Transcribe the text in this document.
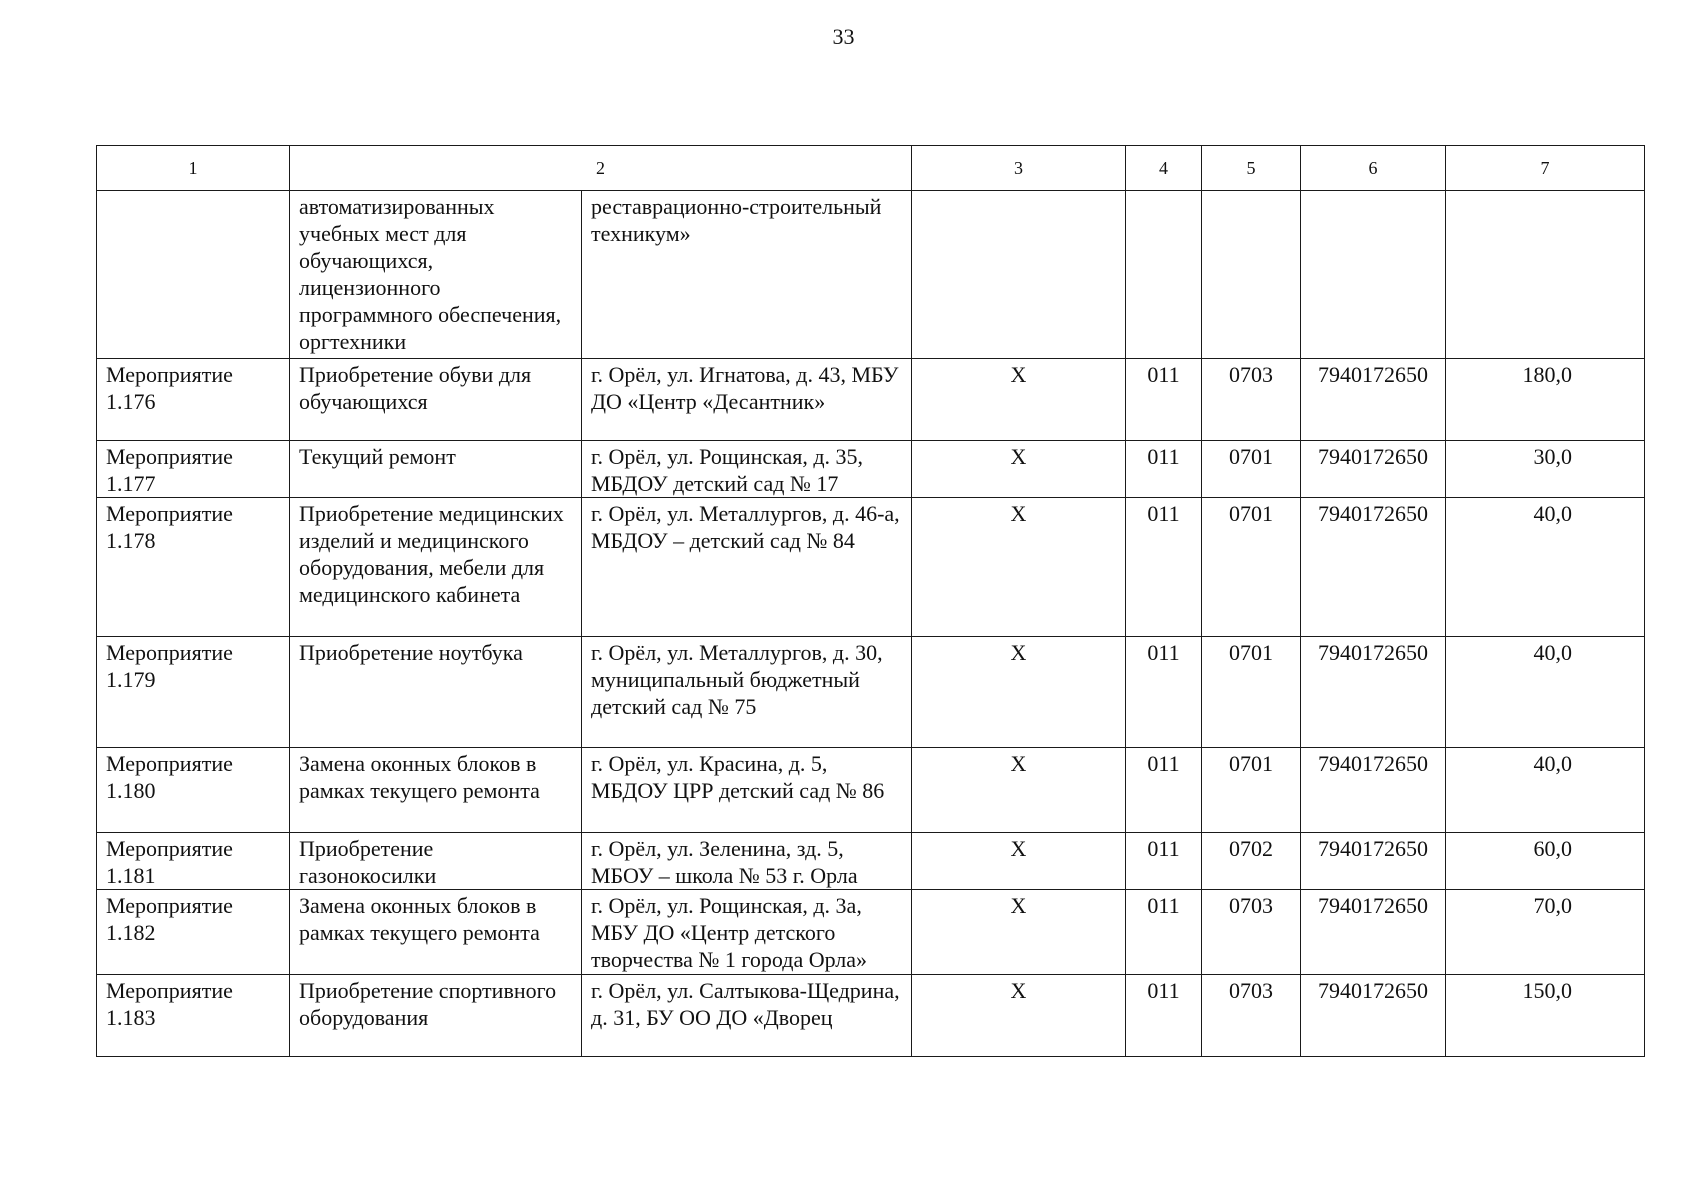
33
1	2		3	4	5	6	7
	автоматизированных учебных мест для обучающихся, лицензионного программного обеспечения, оргтехники	реставрационно-строительный техникум»					
Мероприятие 1.176	Приобретение обуви для обучающихся	г. Орёл, ул. Игнатова, д. 43, МБУ ДО «Центр «Десантник»	X	011	0703	7940172650	180,0
Мероприятие 1.177	Текущий ремонт	г. Орёл, ул. Рощинская, д. 35, МБДОУ детский сад № 17	X	011	0701	7940172650	30,0
Мероприятие 1.178	Приобретение медицинских изделий и медицинского оборудования, мебели для медицинского кабинета	г. Орёл, ул. Металлургов, д. 46-а, МБДОУ – детский сад № 84	X	011	0701	7940172650	40,0
Мероприятие 1.179	Приобретение ноутбука	г. Орёл, ул. Металлургов, д. 30, муниципальный бюджетный детский сад № 75	X	011	0701	7940172650	40,0
Мероприятие 1.180	Замена оконных блоков в рамках текущего ремонта	г. Орёл, ул. Красина, д. 5, МБДОУ ЦРР детский сад № 86	X	011	0701	7940172650	40,0
Мероприятие 1.181	Приобретение газонокосилки	г. Орёл, ул. Зеленина, зд. 5, МБОУ – школа № 53 г. Орла	X	011	0702	7940172650	60,0
Мероприятие 1.182	Замена оконных блоков в рамках текущего ремонта	г. Орёл, ул. Рощинская, д. 3а, МБУ ДО «Центр детского творчества № 1 города Орла»	X	011	0703	7940172650	70,0
Мероприятие 1.183	Приобретение спортивного оборудования	г. Орёл, ул. Салтыкова-Щедрина, д. 31, БУ ОО ДО «Дворец	X	011	0703	7940172650	150,0
